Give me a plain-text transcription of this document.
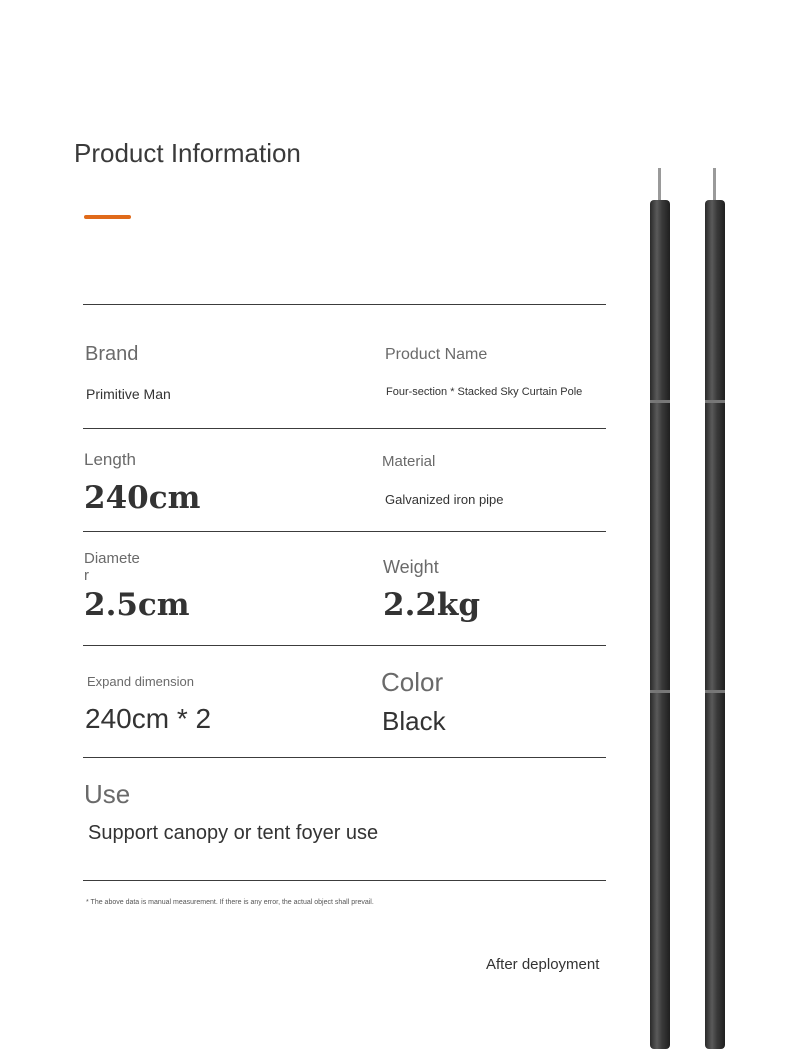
Product Information
Brand
Primitive Man
Product Name
Four-section * Stacked Sky Curtain Pole
Length
240cm
Material
Galvanized iron pipe
Diamete
r
2.5cm
Weight
2.2kg
Expand dimension
240cm * 2
Color
Black
Use
Support canopy or tent foyer use
* The above data is manual measurement. If there is any error, the actual object shall prevail.
After deployment
